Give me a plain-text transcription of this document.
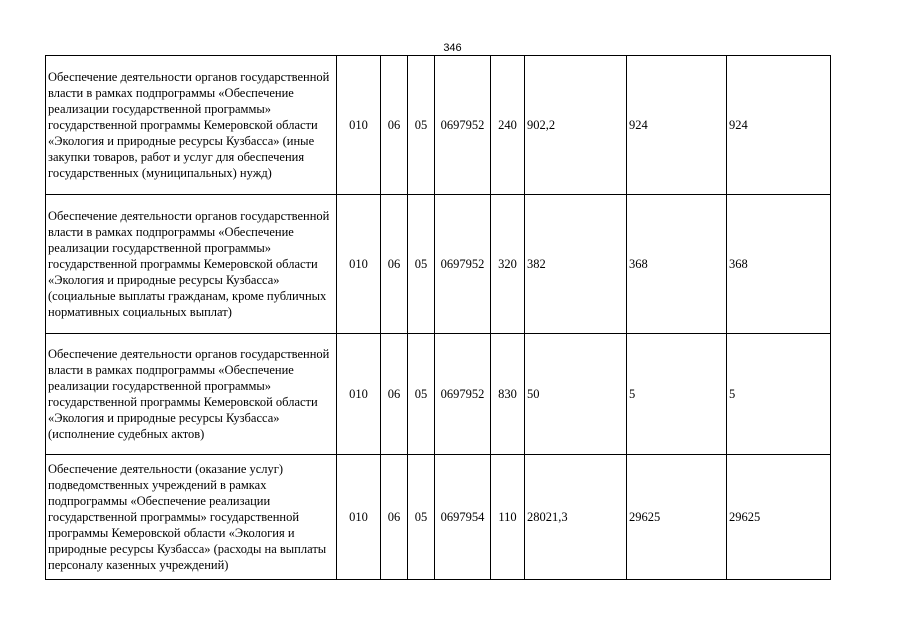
346
Обеспечение деятельности органов государственной власти в рамках подпрограммы «Обеспечение реализации государственной программы» государственной программы Кемеровской области «Экология и природные ресурсы Кузбасса» (иные закупки товаров, работ и услуг для обеспечения государственных (муниципальных) нужд)	010	06	05	0697952	240	902,2	924	924
Обеспечение деятельности органов государственной власти в рамках подпрограммы «Обеспечение реализации государственной программы» государственной программы Кемеровской области «Экология и природные ресурсы Кузбасса» (социальные выплаты гражданам, кроме публичных нормативных социальных выплат)	010	06	05	0697952	320	382	368	368
Обеспечение деятельности органов государственной власти в рамках подпрограммы «Обеспечение реализации государственной программы» государственной программы Кемеровской области «Экология и природные ресурсы Кузбасса» (исполнение судебных актов)	010	06	05	0697952	830	50	5	5
Обеспечение деятельности (оказание услуг) подведомственных учреждений в рамках подпрограммы «Обеспечение реализации государственной программы» государственной программы Кемеровской области «Экология и природные ресурсы Кузбасса» (расходы на выплаты персоналу казенных учреждений)	010	06	05	0697954	110	28021,3	29625	29625
